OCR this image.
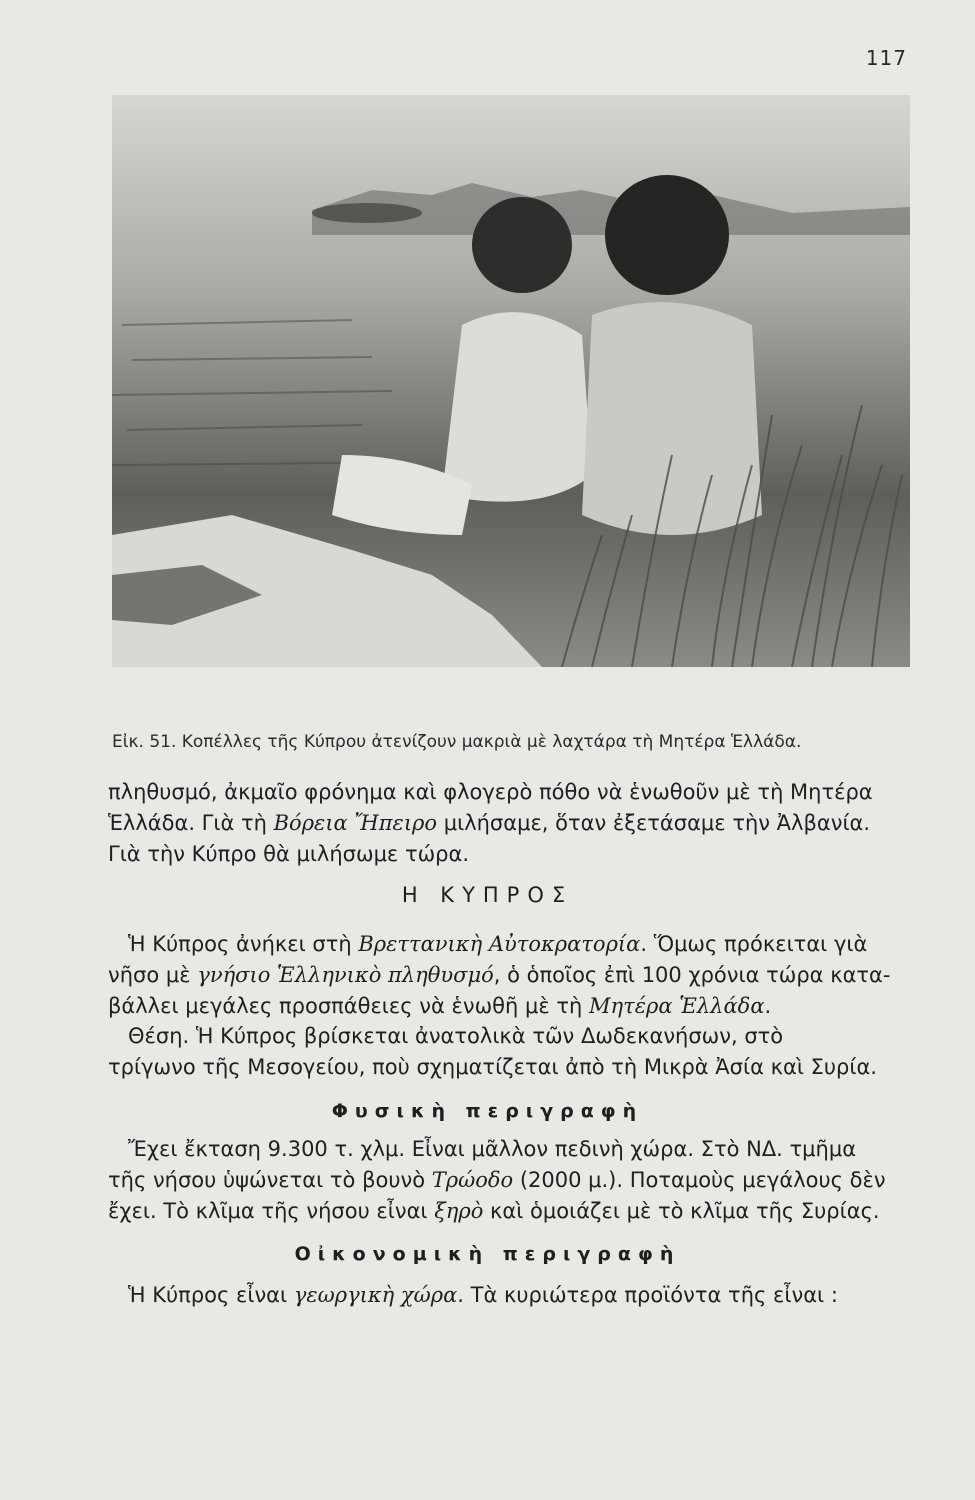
117
Εἰκ. 51. Κοπέλλες τῆς Κύπρου ἀτενίζουν μακριὰ μὲ λαχτάρα τὴ Μητέρα Ἑλλάδα.

πληθυσμό, ἀκμαῖο φρόνημα καὶ φλογερὸ πόθο νὰ ἑνωθοῦν μὲ τὴ Μητέρα
Ἑλλάδα. Γιὰ τὴ Βόρεια Ἤπειρο μιλήσαμε, ὅταν ἐξετάσαμε τὴν Ἀλβανία.
Γιὰ τὴν Κύπρο θὰ μιλήσωμε τώρα.

Η ΚΥΠΡΟΣ

Ἡ Κύπρος ἀνήκει στὴ Βρεττανικὴ Αὐτοκρατορία. Ὅμως πρόκειται γιὰ
νῆσο μὲ γνήσιο Ἑλληνικὸ πληθυσμό, ὁ ὁποῖος ἐπὶ 100 χρόνια τώρα κατα-
βάλλει μεγάλες προσπάθειες νὰ ἑνωθῆ μὲ τὴ Μητέρα Ἑλλάδα.

Θέση. Ἡ Κύπρος βρίσκεται ἀνατολικὰ τῶν Δωδεκανήσων, στὸ
τρίγωνο τῆς Μεσογείου, ποὺ σχηματίζεται ἀπὸ τὴ Μικρὰ Ἀσία καὶ Συρία.

Φυσικὴ περιγραφὴ

Ἔχει ἔκταση 9.300 τ. χλμ. Εἶναι μᾶλλον πεδινὴ χώρα. Στὸ ΝΔ. τμῆμα
τῆς νήσου ὑψώνεται τὸ βουνὸ Τρώοδο (2000 μ.). Ποταμοὺς μεγάλους δὲν
ἔχει. Τὸ κλῖμα τῆς νήσου εἶναι ξηρὸ καὶ ὁμοιάζει μὲ τὸ κλῖμα τῆς Συρίας.

Οἰκονομικὴ περιγραφὴ

Ἡ Κύπρος εἶναι γεωργικὴ χώρα. Τὰ κυριώτερα προϊόντα τῆς εἶναι :
